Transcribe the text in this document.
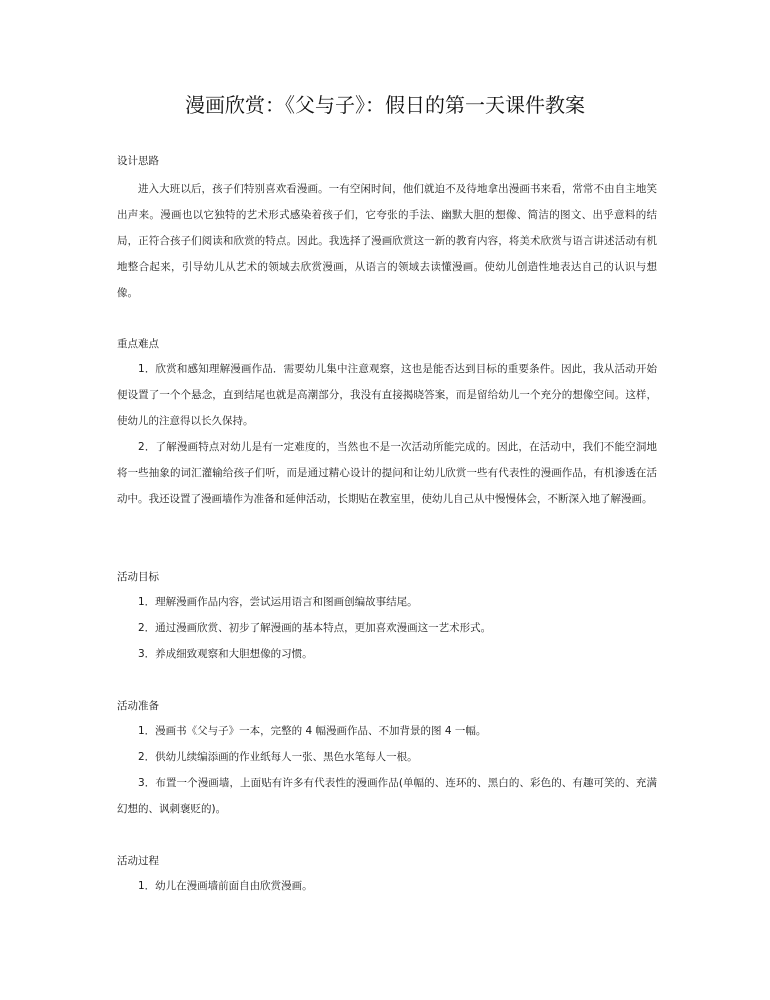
漫画欣赏：《父与子》：假日的第一天课件教案
设计思路

进入大班以后，孩子们特别喜欢看漫画。一有空闲时间，他们就迫不及待地拿出漫画书来看，常常不由自主地笑出声来。漫画也以它独特的艺术形式感染着孩子们，它夸张的手法、幽默大胆的想像、简洁的图文、出乎意料的结局，正符合孩子们阅读和欣赏的特点。因此。我选择了漫画欣赏这一新的教育内容，将美术欣赏与语言讲述活动有机地整合起来，引导幼儿从艺术的领域去欣赏漫画，从语言的领域去读懂漫画。使幼儿创造性地表达自己的认识与想像。

重点难点

1．欣赏和感知理解漫画作品．需要幼儿集中注意观察，这也是能否达到目标的重要条件。因此，我从活动开始便设置了一个个悬念，直到结尾也就是高潮部分，我没有直接揭晓答案，而是留给幼儿一个充分的想像空间。这样，使幼儿的注意得以长久保持。

2．了解漫画特点对幼儿是有一定难度的，当然也不是一次活动所能完成的。因此，在活动中，我们不能空洞地将一些抽象的词汇灌输给孩子们听，而是通过精心设计的提问和让幼儿欣赏一些有代表性的漫画作品，有机渗透在活动中。我还设置了漫画墙作为准备和延伸活动，长期贴在教室里，使幼儿自己从中慢慢体会，不断深入地了解漫画。

活动目标

1．理解漫画作品内容，尝试运用语言和图画创编故事结尾。

2．通过漫画欣赏、初步了解漫画的基本特点，更加喜欢漫画这一艺术形式。

3．养成细致观察和大胆想像的习惯。

活动准备

1．漫画书《父与子》一本，完整的 4 幅漫画作品、不加背景的图 4 一幅。

2．供幼儿续编添画的作业纸每人一张、黑色水笔每人一根。

3．布置一个漫画墙，上面贴有许多有代表性的漫画作品(单幅的、连环的、黑白的、彩色的、有趣可笑的、充满幻想的、讽刺褒贬的)。

活动过程

1．幼儿在漫画墙前面自由欣赏漫画。
